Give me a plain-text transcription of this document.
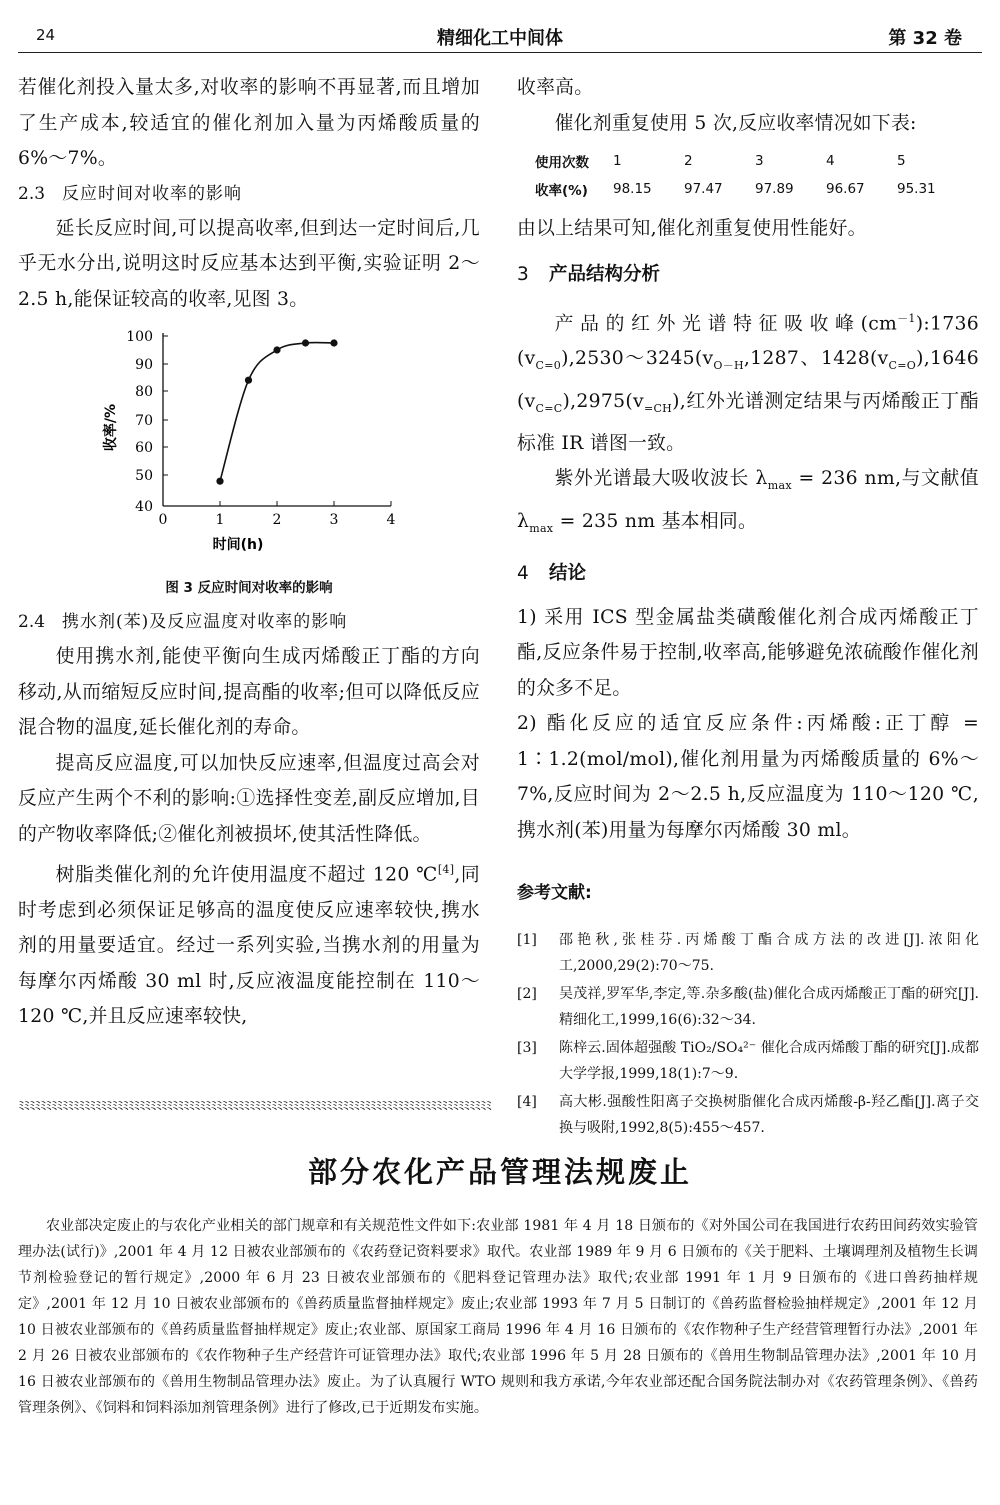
24	精细化工中间体	第 32 卷

若催化剂投入量太多,对收率的影响不再显著,而且增加了生产成本,较适宜的催化剂加入量为丙烯酸质量的 6%～7%。

2.3 反应时间对收率的影响

延长反应时间,可以提高收率,但到达一定时间后,几乎无水分出,说明这时反应基本达到平衡,实验证明 2～2.5 h,能保证较高的收率,见图 3。

40
50
60
70
80
90
100
0	1	2	3	4
时间(h)
收率/%
图 3 反应时间对收率的影响
2.4 携水剂(苯)及反应温度对收率的影响

使用携水剂,能使平衡向生成丙烯酸正丁酯的方向移动,从而缩短反应时间,提高酯的收率;但可以降低反应混合物的温度,延长催化剂的寿命。

提高反应温度,可以加快反应速率,但温度过高会对反应产生两个不利的影响:①选择性变差,副反应增加,目的产物收率降低;②催化剂被损坏,使其活性降低。

树脂类催化剂的允许使用温度不超过 120 ℃[4],同时考虑到必须保证足够高的温度使反应速率较快,携水剂的用量要适宜。经过一系列实验,当携水剂的用量为每摩尔丙烯酸 30 ml 时,反应液温度能控制在 110～120 ℃,并且反应速率较快,

收率高。

催化剂重复使用 5 次,反应收率情况如下表:

使用次数	1	2	3	4	5
收率(%)	98.15	97.47	97.89	96.67	95.31

由以上结果可知,催化剂重复使用性能好。

3 产品结构分析

产品的红外光谱特征吸收峰$(cm^{-1}):1736$ $(v_{C=0}),2530\sim 3245(v_{O-H},1287$、$1428(v_{C=O}),1646$ $(v_{C=C}),2975(v_{=CH})$,红外光谱测定结果与丙烯酸正丁酯标准 IR 谱图一致。

紫外光谱最大吸收波长 $\lambda_{max} = 236$ nm,与文献值 $\lambda_{max} = 235$ nm 基本相同。

4 结论

1) 采用 ICS 型金属盐类磺酸催化剂合成丙烯酸正丁酯,反应条件易于控制,收率高,能够避免浓硫酸作催化剂的众多不足。

2) 酯化反应的适宜反应条件:丙烯酸:正丁醇 = 1∶1.2(mol/mol),催化剂用量为丙烯酸质量的 6%～7%,反应时间为 2～2.5 h,反应温度为 110～120 ℃,携水剂(苯)用量为每摩尔丙烯酸 30 ml。

参考文献:
[1] 邵艳秋,张桂芬.丙烯酸丁酯合成方法的改进[J].浓阳化工,2000,29(2):70～75.
[2] 吴茂祥,罗军华,李定,等.杂多酸(盐)催化合成丙烯酸正丁酯的研究[J].精细化工,1999,16(6):32～34.
[3] 陈梓云.固体超强酸 TiO₂/SO₄²⁻ 催化合成丙烯酸丁酯的研究[J].成都大学学报,1999,18(1):7～9.
[4] 高大彬.强酸性阳离子交换树脂催化合成丙烯酸-β-羟乙酯[J].离子交换与吸附,1992,8(5):455～457.
ﾐﾐﾐﾐﾐﾐﾐﾐﾐﾐﾐﾐﾐﾐﾐﾐﾐﾐﾐﾐﾐﾐﾐﾐﾐﾐﾐﾐﾐﾐﾐﾐﾐﾐﾐﾐﾐﾐﾐﾐﾐﾐﾐﾐﾐﾐﾐﾐﾐﾐﾐﾐﾐﾐﾐﾐﾐﾐﾐﾐﾐﾐﾐﾐﾐﾐﾐﾐﾐﾐﾐﾐﾐﾐﾐﾐﾐﾐﾐﾐﾐﾐﾐﾐﾐﾐ
部分农化产品管理法规废止
农业部决定废止的与农化产业相关的部门规章和有关规范性文件如下:农业部 1981 年 4 月 18 日颁布的《对外国公司在我国进行农药田间药效实验管理办法(试行)》,2001 年 4 月 12 日被农业部颁布的《农药登记资料要求》取代。农业部 1989 年 9 月 6 日颁布的《关于肥料、土壤调理剂及植物生长调节剂检验登记的暂行规定》,2000 年 6 月 23 日被农业部颁布的《肥料登记管理办法》取代;农业部 1991 年 1 月 9 日颁布的《进口兽药抽样规定》,2001 年 12 月 10 日被农业部颁布的《兽药质量监督抽样规定》废止;农业部 1993 年 7 月 5 日制订的《兽药监督检验抽样规定》,2001 年 12 月 10 日被农业部颁布的《兽药质量监督抽样规定》废止;农业部、原国家工商局 1996 年 4 月 16 日颁布的《农作物种子生产经营管理暂行办法》,2001 年 2 月 26 日被农业部颁布的《农作物种子生产经营许可证管理办法》取代;农业部 1996 年 5 月 28 日颁布的《兽用生物制品管理办法》,2001 年 10 月 16 日被农业部颁布的《兽用生物制品管理办法》废止。为了认真履行 WTO 规则和我方承诺,今年农业部还配合国务院法制办对《农药管理条例》、《兽药管理条例》、《饲料和饲料添加剂管理条例》进行了修改,已于近期发布实施。
